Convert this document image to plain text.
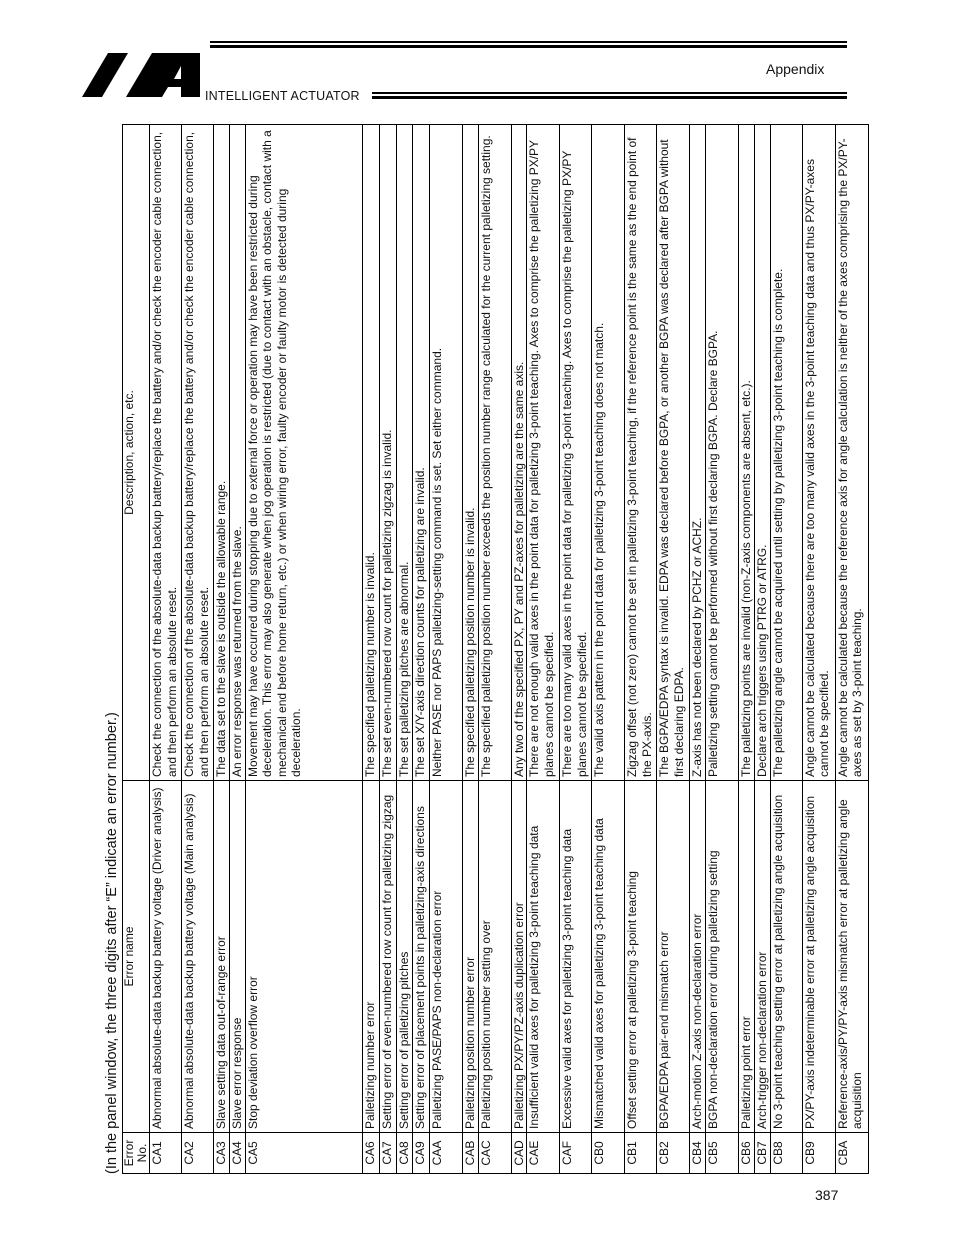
INTELLIGENT ACTUATOR
Appendix
(In the panel window, the three digits after “E” indicate an error number.) Error No.	Error name	Description, action, etc.
CA1	Abnormal absolute-data backup battery voltage (Driver analysis)	Check the connection of the absolute-data backup battery/replace the battery and/or check the encoder cable connection, and then perform an absolute reset.
CA2	Abnormal absolute-data backup battery voltage (Main analysis)	Check the connection of the absolute-data backup battery/replace the battery and/or check the encoder cable connection, and then perform an absolute reset.
CA3	Slave setting data out-of-range error	The data set to the slave is outside the allowable range.
CA4	Slave error response	An error response was returned from the slave.
CA5	Stop deviation overflow error	Movement may have occurred during stopping due to external force or operation may have been restricted during deceleration. This error may also generate when jog operation is restricted (due to contact with an obstacle, contact with a mechanical end before home return, etc.) or when wiring error, faulty encoder or faulty motor is detected during deceleration.
CA6	Palletizing number error	The specified palletizing number is invalid.
CA7	Setting error of even-numbered row count for palletizing zigzag	The set even-numbered row count for palletizing zigzag is invalid.
CA8	Setting error of palletizing pitches	The set palletizing pitches are abnormal.
CA9	Setting error of placement points in palletizing-axis directions	The set X/Y-axis direction counts for palletizing are invalid.
CAA	Palletizing PASE/PAPS non-declaration error	Neither PASE nor PAPS palletizing-setting command is set. Set either command.
CAB	Palletizing position number error	The specified palletizing position number is invalid.
CAC	Palletizing position number setting over	The specified palletizing position number exceeds the position number range calculated for the current palletizing setting.
CAD	Palletizing PX/PY/PZ-axis duplication error	Any two of the specified PX, PY and PZ-axes for palletizing are the same axis.
CAE	Insufficient valid axes for palletizing 3-point teaching data	There are not enough valid axes in the point data for palletizing 3-point teaching. Axes to comprise the palletizing PX/PY planes cannot be specified.
CAF	Excessive valid axes for palletizing 3-point teaching data	There are too many valid axes in the point data for palletizing 3-point teaching. Axes to comprise the palletizing PX/PY planes cannot be specified.
CB0	Mismatched valid axes for palletizing 3-point teaching data	The valid axis pattern in the point data for palletizing 3-point teaching does not match.
CB1	Offset setting error at palletizing 3-point teaching	Zigzag offset (not zero) cannot be set in palletizing 3-point teaching, if the reference point is the same as the end point of the PX-axis.
CB2	BGPA/EDPA pair-end mismatch error	The BGPA/EDPA syntax is invalid. EDPA was declared before BGPA, or another BGPA was declared after BGPA without first declaring EDPA.
CB4	Arch-motion Z-axis non-declaration error	Z-axis has not been declared by PCHZ or ACHZ.
CB5	BGPA non-declaration error during palletizing setting	Palletizing setting cannot be performed without first declaring BGPA. Declare BGPA.
CB6	Palletizing point error	The palletizing points are invalid (non-Z-axis components are absent, etc.).
CB7	Arch-trigger non-declaration error	Declare arch triggers using PTRG or ATRG.
CB8	No 3-point teaching setting error at palletizing angle acquisition	The palletizing angle cannot be acquired until setting by palletizing 3-point teaching is complete.
CB9	PX/PY-axis indeterminable error at palletizing angle acquisition	Angle cannot be calculated because there are too many valid axes in the 3-point teaching data and thus PX/PY-axes cannot be specified.
CBA	Reference-axis/PY/PY-axis mismatch error at palletizing angle acquisition	Angle cannot be calculated because the reference axis for angle calculation is neither of the axes comprising the PX/PY-axes as set by 3-point teaching.
387
